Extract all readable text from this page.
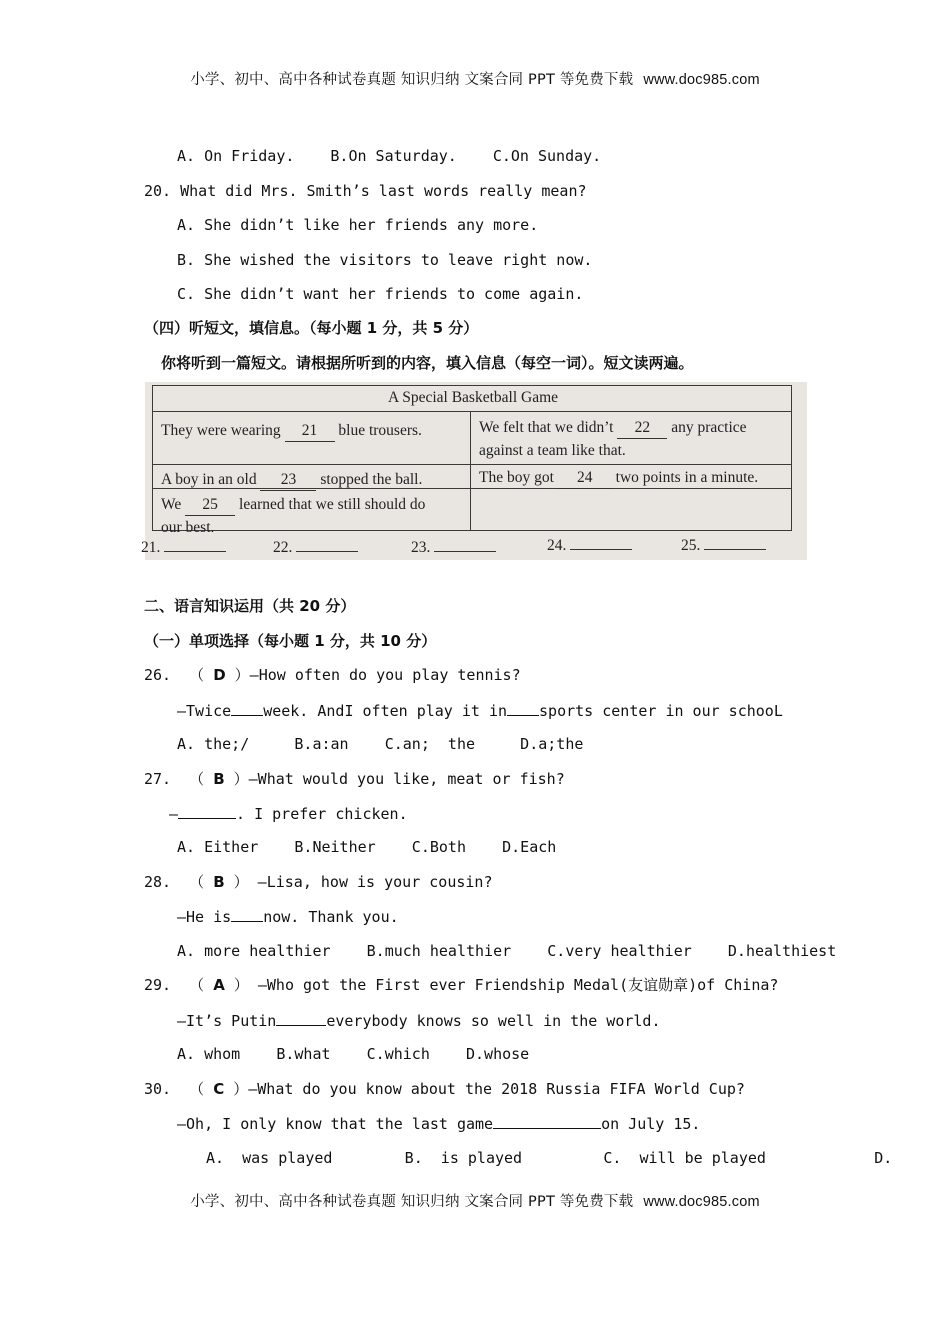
小学、初中、高中各种试卷真题 知识归纳 文案合同 PPT 等免费下载 www.doc985.com
A. On Friday. B.On Saturday. C.On Sunday.
20. What did Mrs. Smith’s last words really mean?
A. She didn’t like her friends any more.
B. She wished the visitors to leave right now.
C. She didn’t want her friends to come again.
（四）听短文，填信息。（每小题 1 分，共 5 分）
你将听到一篇短文。请根据所听到的内容，填入信息（每空一词）。短文读两遍。
A Special Basketball Game
They were wearing 21 blue trousers.	We felt that we didn’t 22 any practice
against a team like that.
A boy in an old 23 stopped the ball.	The boy got 24 two points in a minute.
We 25 learned that we still should do
our best.
21.	22.	23.	24.	25.
二、语言知识运用（共 20 分）
（一）单项选择（每小题 1 分，共 10 分）
26. （ D ）—How often do you play tennis?
—Twice week. AndI often play it in sports center in our schooL
A. the;/     B.a:an    C.an;  the     D.a;the
27. （ B ）—What would you like, meat or fish?
—	. I prefer chicken.
A. Either    B.Neither    C.Both    D.Each
28. （ B ） —Lisa, how is your cousin?
—He is now. Thank you.
A. more healthier    B.much healthier    C.very healthier    D.healthiest
29. （ A ） —Who got the First ever Friendship Medal(友谊勋章)of China?
—It’s Putin	everybody knows so well in the world.
A. whom    B.what    C.which    D.whose
30. （ C ）—What do you know about the 2018 Russia FIFA World Cup?
—Oh, I only know that the last game	on July 15.
A.  was played        B.  is played         C.  will be played            D.
小学、初中、高中各种试卷真题 知识归纳 文案合同 PPT 等免费下载 www.doc985.com
